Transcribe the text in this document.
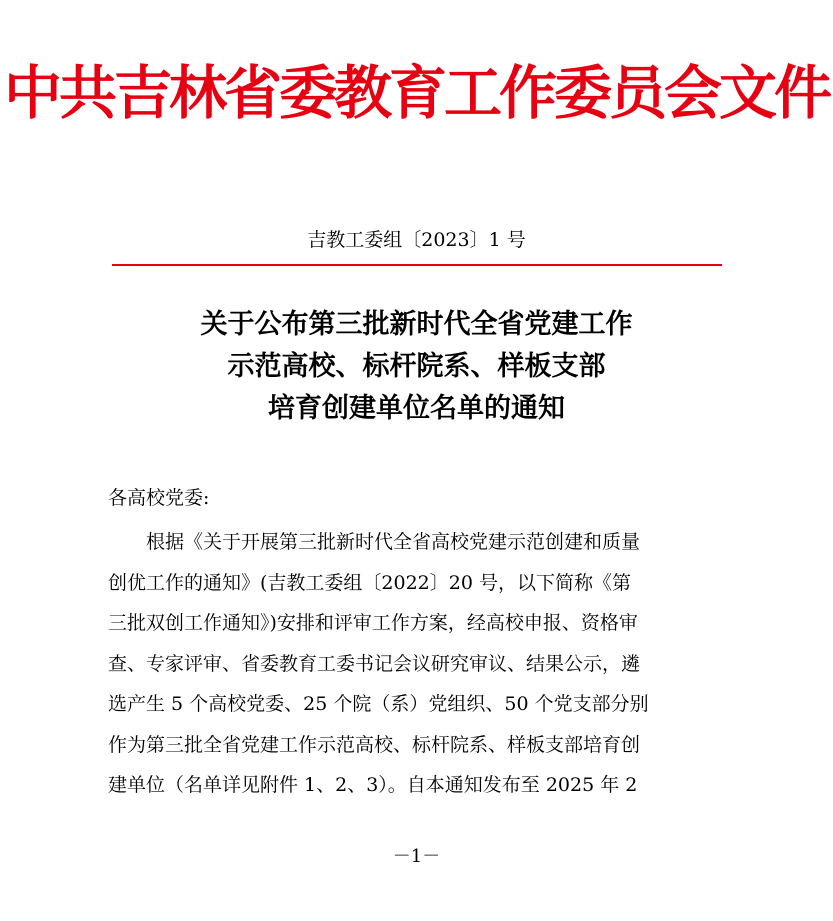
中共吉林省委教育工作委员会文件
吉教工委组〔2023〕1 号
关于公布第三批新时代全省党建工作
示范高校、标杆院系、样板支部
培育创建单位名单的通知
各高校党委:
根据《关于开展第三批新时代全省高校党建示范创建和质量
创优工作的通知》(吉教工委组〔2022〕20 号，以下简称《第
三批双创工作通知》)安排和评审工作方案，经高校申报、资格审
查、专家评审、省委教育工委书记会议研究审议、结果公示，遴
选产生 5 个高校党委、25 个院（系）党组织、50 个党支部分别
作为第三批全省党建工作示范高校、标杆院系、样板支部培育创
建单位（名单详见附件 1、2、3）。自本通知发布至 2025 年 2
－1－
